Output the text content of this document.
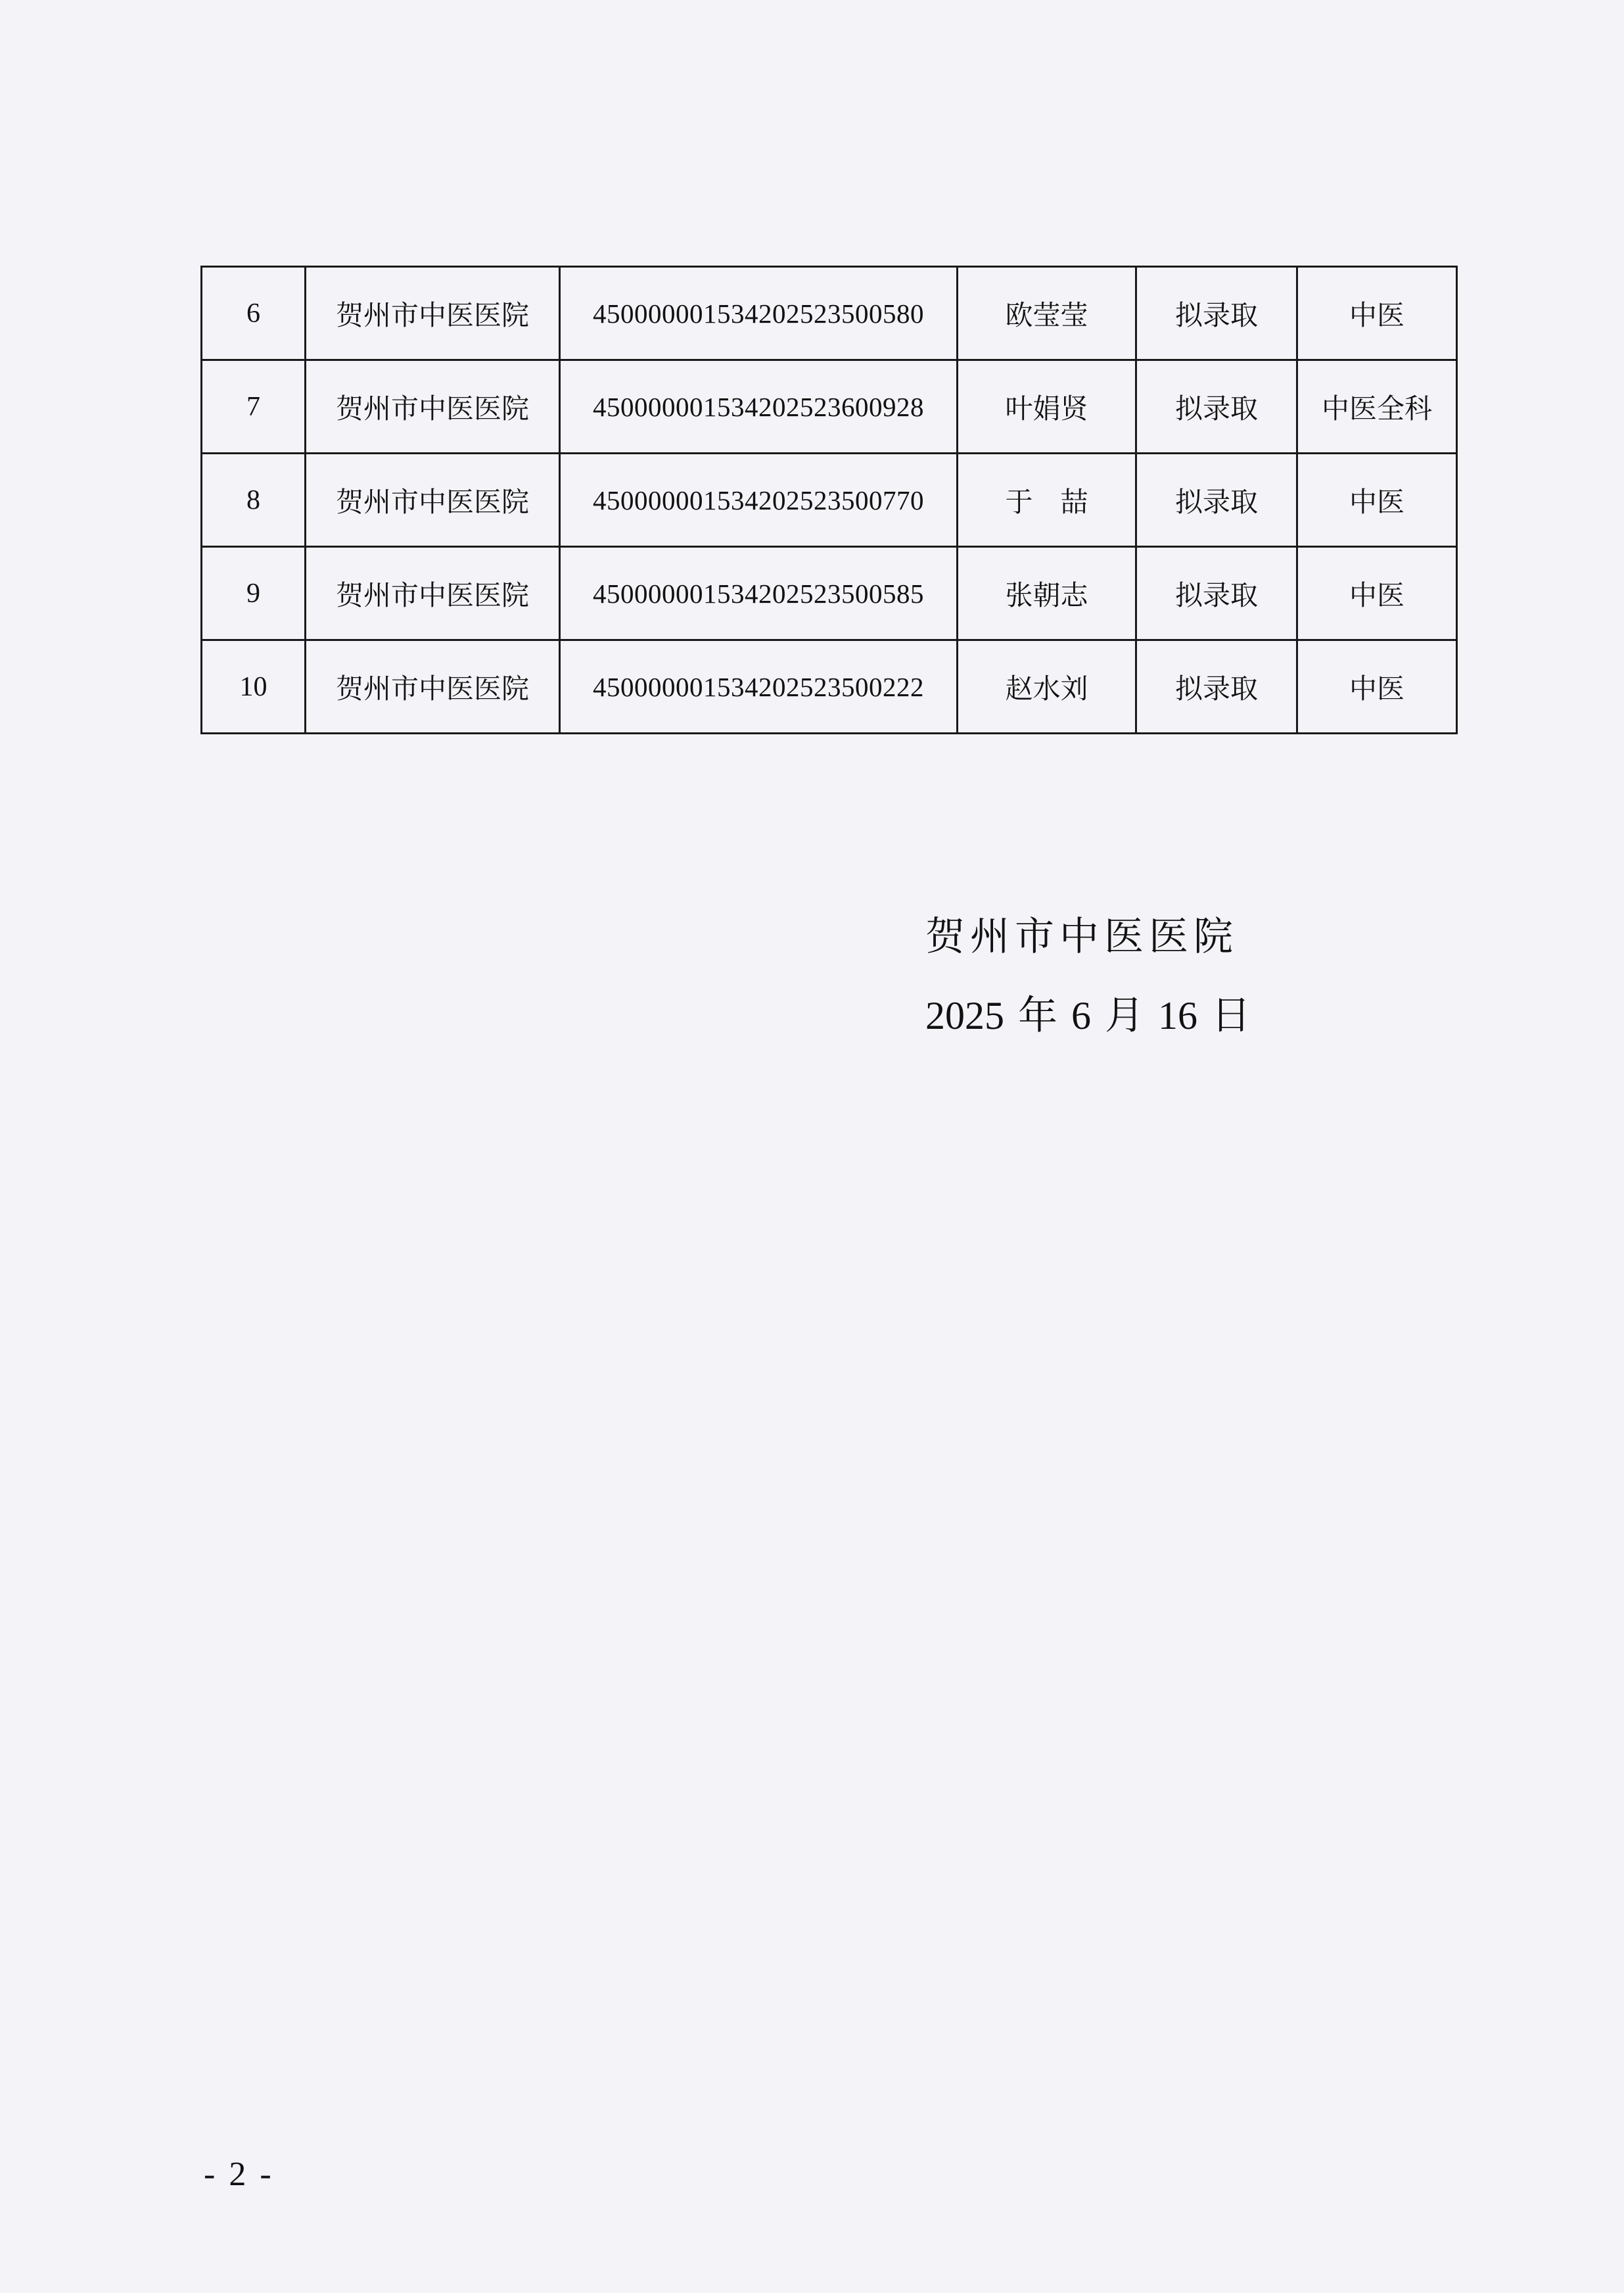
6	贺州市中医医院	450000001534202523500580	欧莹莹	拟录取	中医
7	贺州市中医医院	450000001534202523600928	叶娟贤	拟录取	中医全科
8	贺州市中医医院	450000001534202523500770	于　喆	拟录取	中医
9	贺州市中医医院	450000001534202523500585	张朝志	拟录取	中医
10	贺州市中医医院	450000001534202523500222	赵水刘	拟录取	中医
贺州市中医医院
2025 年 6 月 16 日
- 2 -
